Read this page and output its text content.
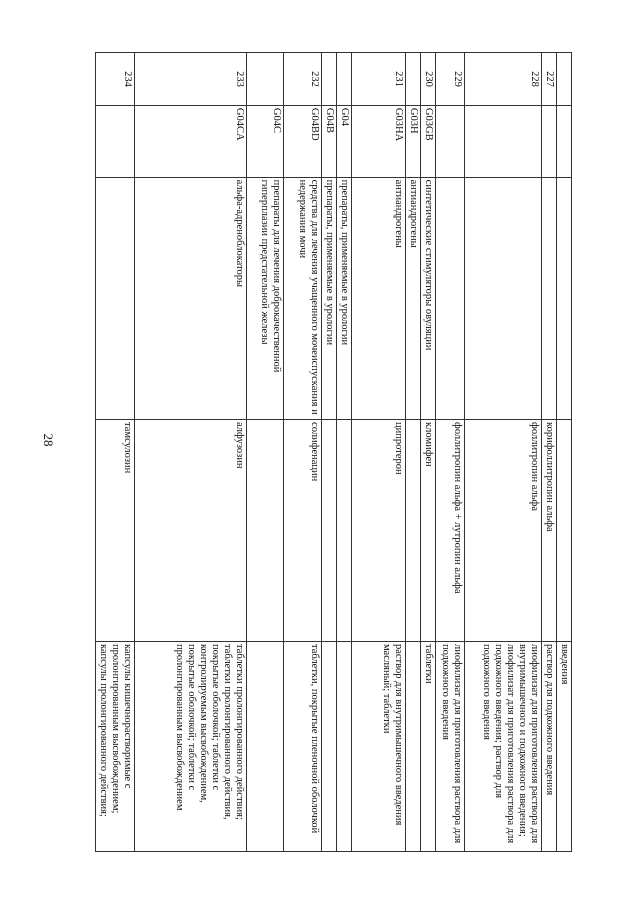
28
				введения
227			корифоллитропин альфа	раствор для подкожного введения
228			фоллитропин альфа	лиофилизат для приготовления раствора для внутримышечного и подкожного введения; лиофилизат для приготовления раствора для подкожного введения; раствор для подкожного введения
229			фоллитропин альфа + лутропин альфа	лиофилизат для приготовления раствора для подкожного введения
230	G03GB	синтетические стимуляторы овуляции	кломифен	таблетки
	G03H	антиандрогены		
231	G03HA	антиандрогены	ципротерон	раствор для внутримышечного введения масляный; таблетки
	G04	препараты, применяемые в урологии		
	G04B	препараты, применяемые в урологии		
232	G04BD	средства для лечения учащенного мочеиспускания и недержания мочи	солифенацин	таблетки, покрытые пленочной оболочкой
	G04C	препараты для лечения доброкачественной гиперплазии предстательной железы		
233	G04CA	альфа-адреноблокаторы	алфузозин	таблетки пролонгированного действия; таблетки пролонгированного действия, покрытые оболочкой; таблетки с контролируемым высвобождением, покрытые оболочкой; таблетки с пролонгированным высвобождением
234			тамсулозин	капсулы кишечнорастворимые с пролонгированным высвобождением; капсулы пролонгированного действия;
